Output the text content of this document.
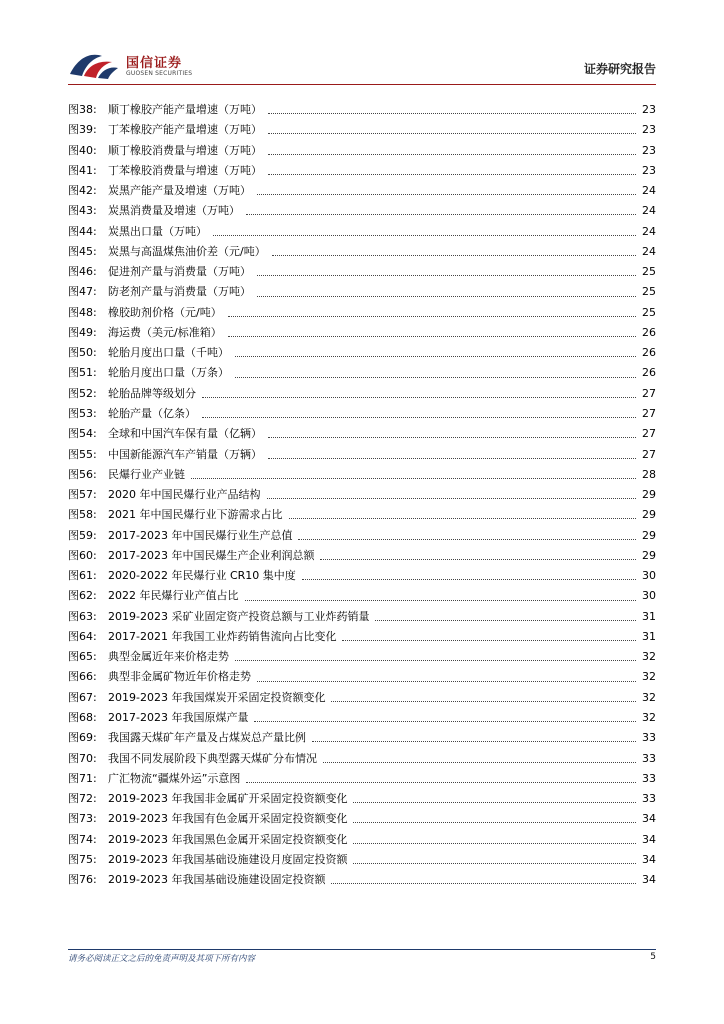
国信证券
GUOSEN SECURITIES	证券研究报告
图38:	顺丁橡胶产能产量增速（万吨）	23
图39:	丁苯橡胶产能产量增速（万吨）	23
图40:	顺丁橡胶消费量与增速（万吨）	23
图41:	丁苯橡胶消费量与增速（万吨）	23
图42:	炭黑产能产量及增速（万吨）	24
图43:	炭黑消费量及增速（万吨）	24
图44:	炭黑出口量（万吨）	24
图45:	炭黑与高温煤焦油价差（元/吨）	24
图46:	促进剂产量与消费量（万吨）	25
图47:	防老剂产量与消费量（万吨）	25
图48:	橡胶助剂价格（元/吨）	25
图49:	海运费（美元/标准箱）	26
图50:	轮胎月度出口量（千吨）	26
图51:	轮胎月度出口量（万条）	26
图52:	轮胎品牌等级划分	27
图53:	轮胎产量（亿条）	27
图54:	全球和中国汽车保有量（亿辆）	27
图55:	中国新能源汽车产销量（万辆）	27
图56:	民爆行业产业链	28
图57:	2020 年中国民爆行业产品结构	29
图58:	2021 年中国民爆行业下游需求占比	29
图59:	2017-2023 年中国民爆行业生产总值	29
图60:	2017-2023 年中国民爆生产企业利润总额	29
图61:	2020-2022 年民爆行业 CR10 集中度	30
图62:	2022 年民爆行业产值占比	30
图63:	2019-2023 采矿业固定资产投资总额与工业炸药销量	31
图64:	2017-2021 年我国工业炸药销售流向占比变化	31
图65:	典型金属近年来价格走势	32
图66:	典型非金属矿物近年价格走势	32
图67:	2019-2023 年我国煤炭开采固定投资额变化	32
图68:	2017-2023 年我国原煤产量	32
图69:	我国露天煤矿年产量及占煤炭总产量比例	33
图70:	我国不同发展阶段下典型露天煤矿分布情况	33
图71:	广汇物流“疆煤外运”示意图	33
图72:	2019-2023 年我国非金属矿开采固定投资额变化	33
图73:	2019-2023 年我国有色金属开采固定投资额变化	34
图74:	2019-2023 年我国黑色金属开采固定投资额变化	34
图75:	2019-2023 年我国基础设施建设月度固定投资额	34
图76:	2019-2023 年我国基础设施建设固定投资额	34
请务必阅读正文之后的免责声明及其项下所有内容	5
